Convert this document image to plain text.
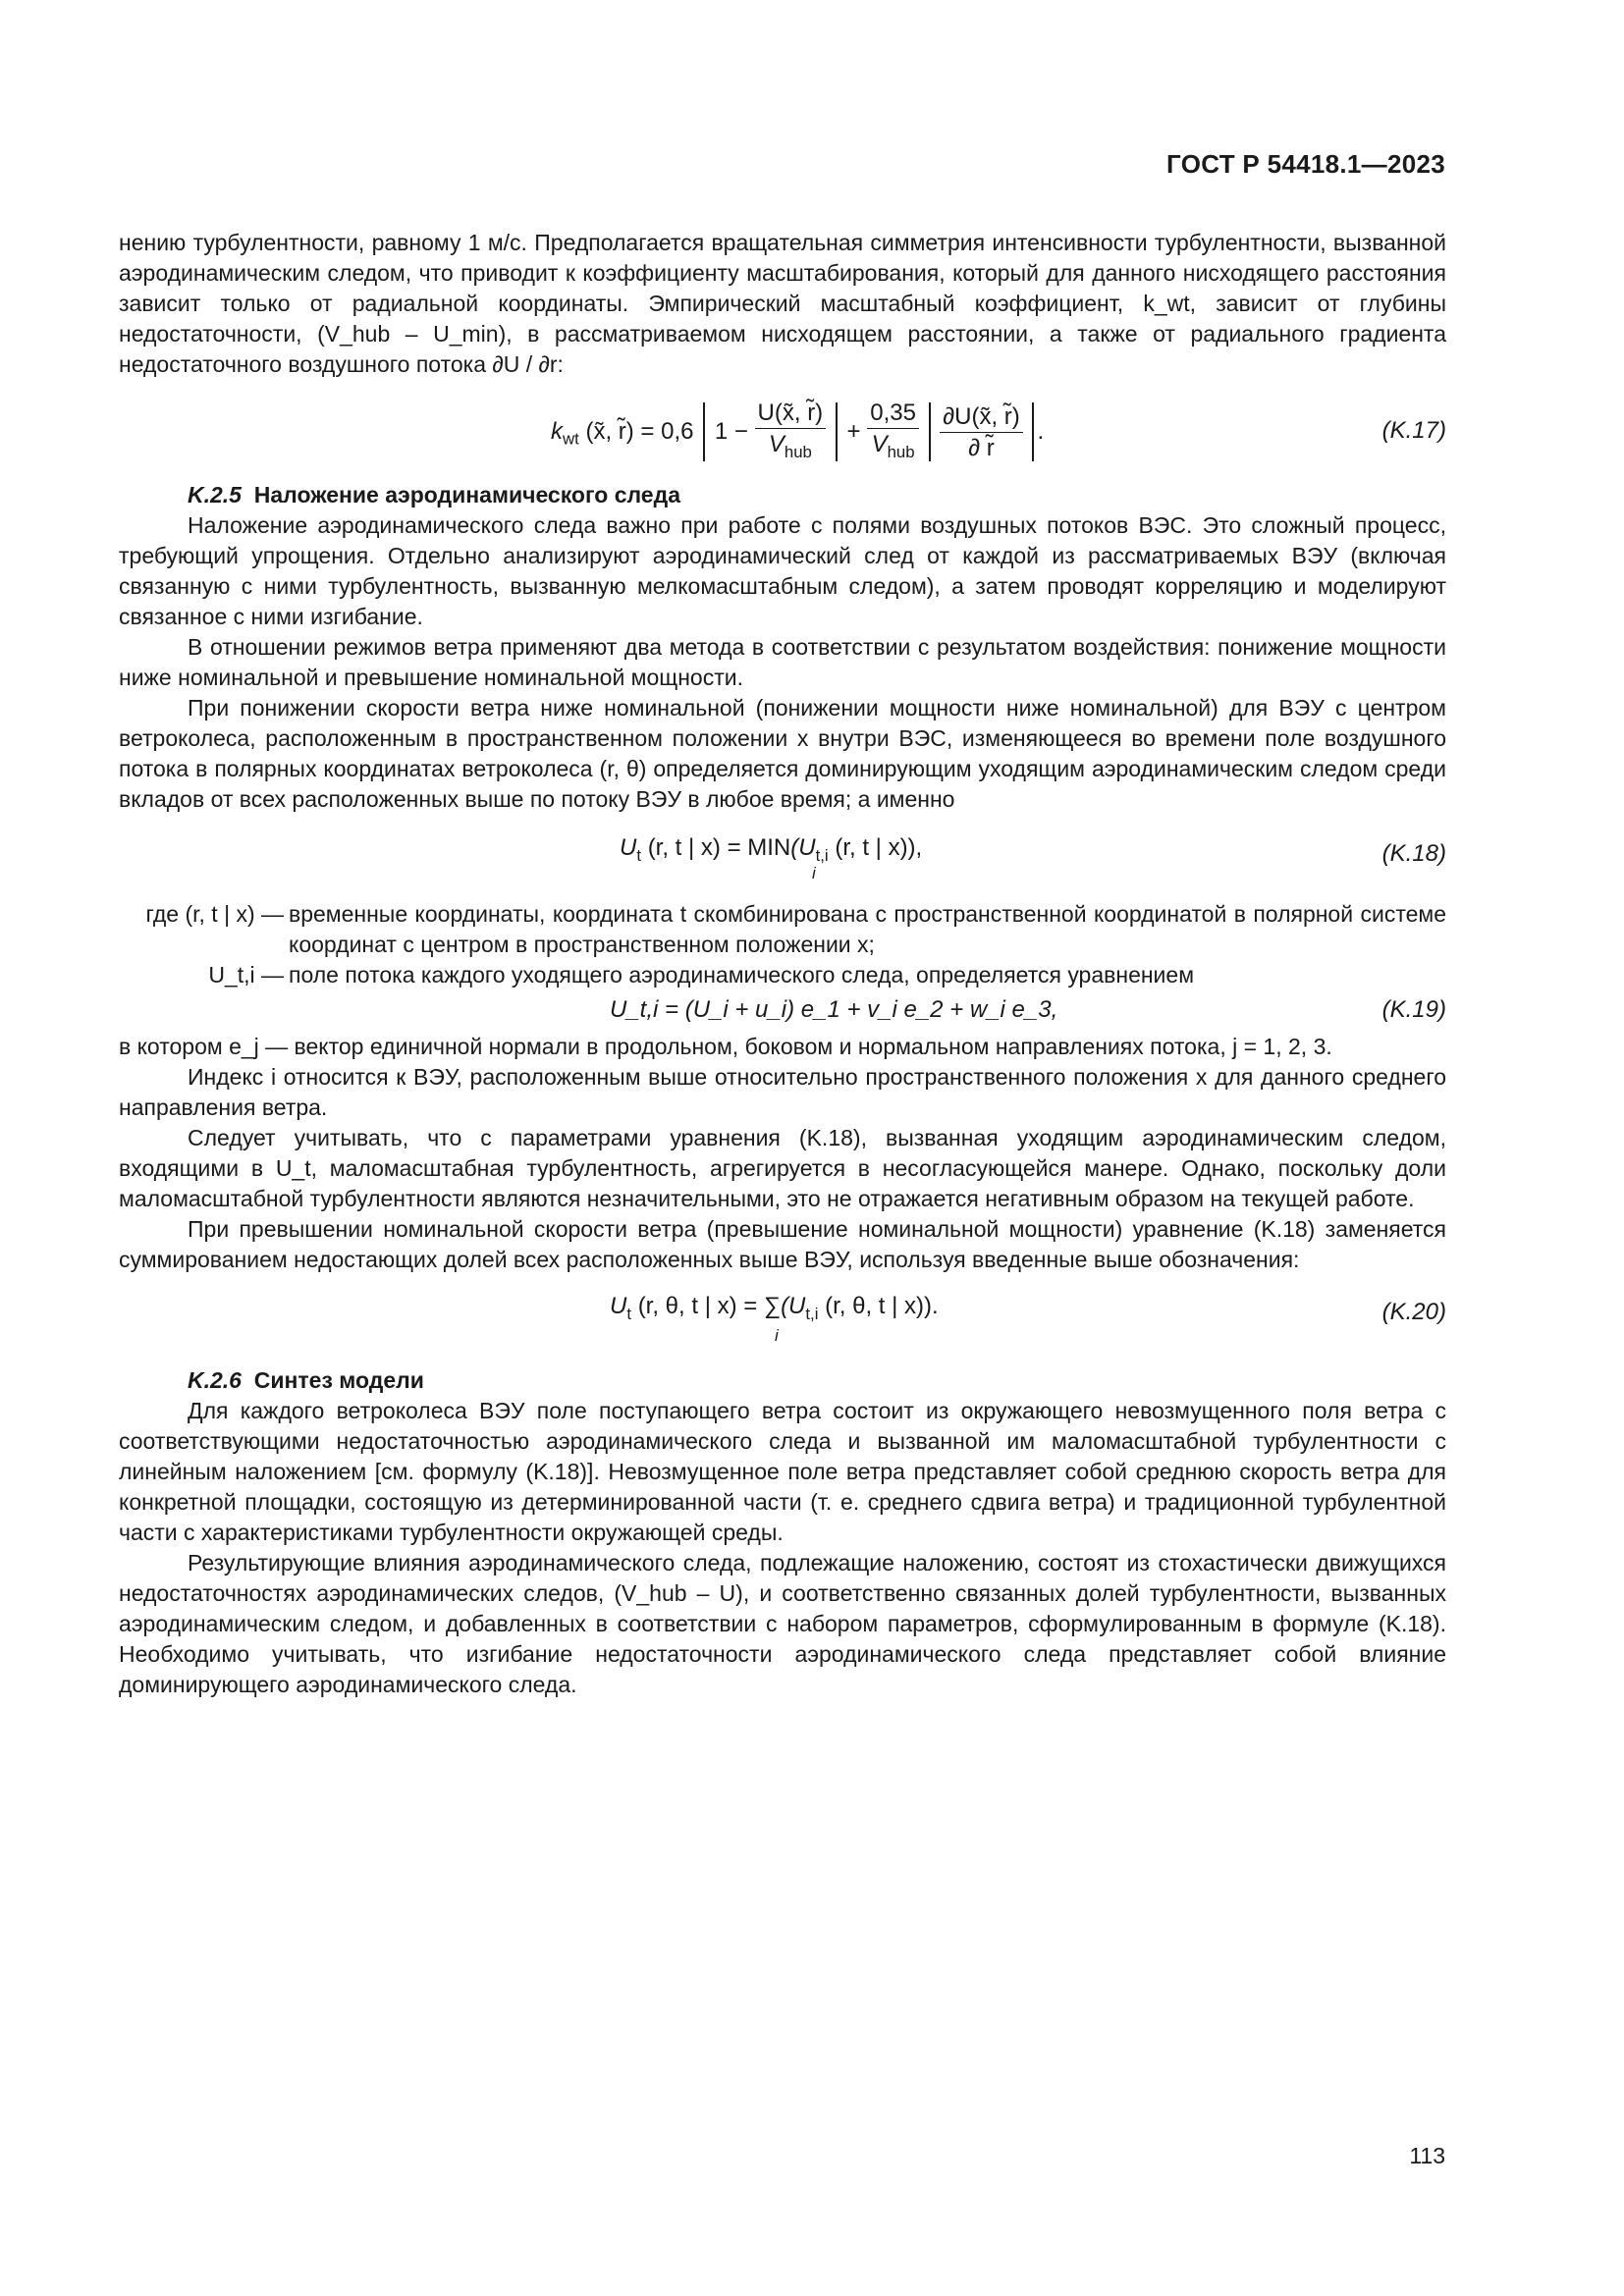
ГОСТ Р 54418.1—2023

нению турбулентности, равному 1 м/с. Предполагается вращательная симметрия интенсивности турбулентности, вызванной аэродинамическим следом, что приводит к коэффициенту масштабирования, который для данного нисходящего расстояния зависит только от радиальной координаты. Эмпирический масштабный коэффициент, k_wt, зависит от глубины недостаточности, (V_hub – U_min), в рассматриваемом нисходящем расстоянии, а также от радиального градиента недостаточного воздушного потока ∂U / ∂r:

$k_{wt}$ (x̃, r̃) = 0,6 $1 - \frac{U(x̃, r̃)}{V_{hub}} + \frac{0,35}{V_{hub}}$
$\frac{\partial U(x̃, r̃)}{\partial r̃}$ .	(K.17)

K.2.5 Наложение аэродинамического следа

Наложение аэродинамического следа важно при работе с полями воздушных потоков ВЭС. Это сложный процесс, требующий упрощения. Отдельно анализируют аэродинамический след от каждой из рассматриваемых ВЭУ (включая связанную с ними турбулентность, вызванную мелкомасштабным следом), а затем проводят корреляцию и моделируют связанное с ними изгибание.

В отношении режимов ветра применяют два метода в соответствии с результатом воздействия: понижение мощности ниже номинальной и превышение номинальной мощности.

При понижении скорости ветра ниже номинальной (понижении мощности ниже номинальной) для ВЭУ с центром ветроколеса, расположенным в пространственном положении x внутри ВЭС, изменяющееся во времени поле воздушного потока в полярных координатах ветроколеса (r, θ) определяется доминирующим уходящим аэродинамическим следом среди вкладов от всех расположенных выше по потоку ВЭУ в любое время; а именно

$U_t$ (r, t | $x) = MIN(U_{t,i}$ (r, t | x)),
i
(K.18)

где (r, t | x) — временные координаты, координата t скомбинирована с пространственной координатой в полярной системе координат с центром в пространственном положении x;

U_t,i — поле потока каждого уходящего аэродинамического следа, определяется уравнением

U_t,i = (U_i + u_i) e_1 + v_i e_2 + w_i e_3,	(K.19)

в котором e_j — вектор единичной нормали в продольном, боковом и нормальном направлениях потока, j = 1, 2, 3.

Индекс i относится к ВЭУ, расположенным выше относительно пространственного положения x для данного среднего направления ветра.

Следует учитывать, что с параметрами уравнения (K.18), вызванная уходящим аэродинамическим следом, входящими в U_t, маломасштабная турбулентность, агрегируется в несогласующейся манере. Однако, поскольку доли маломасштабной турбулентности являются незначительными, это не отражается негативным образом на текущей работе.

При превышении номинальной скорости ветра (превышение номинальной мощности) уравнение (K.18) заменяется суммированием недостающих долей всех расположенных выше ВЭУ, используя введенные выше обозначения:

$U_t$ (r, θ, t | $x) = \sum(U_{t,i}$ (r, θ, t | x)).
i
(K.20)

K.2.6 Синтез модели

Для каждого ветроколеса ВЭУ поле поступающего ветра состоит из окружающего невозмущенного поля ветра с соответствующими недостаточностью аэродинамического следа и вызванной им маломасштабной турбулентности с линейным наложением [см. формулу (K.18)]. Невозмущенное поле ветра представляет собой среднюю скорость ветра для конкретной площадки, состоящую из детерминированной части (т. е. среднего сдвига ветра) и традиционной турбулентной части с характеристиками турбулентности окружающей среды.

Результирующие влияния аэродинамического следа, подлежащие наложению, состоят из стохастически движущихся недостаточностях аэродинамических следов, (V_hub – U), и соответственно связанных долей турбулентности, вызванных аэродинамическим следом, и добавленных в соответствии с набором параметров, сформулированным в формуле (K.18). Необходимо учитывать, что изгибание недостаточности аэродинамического следа представляет собой влияние доминирующего аэродинамического следа.

113
